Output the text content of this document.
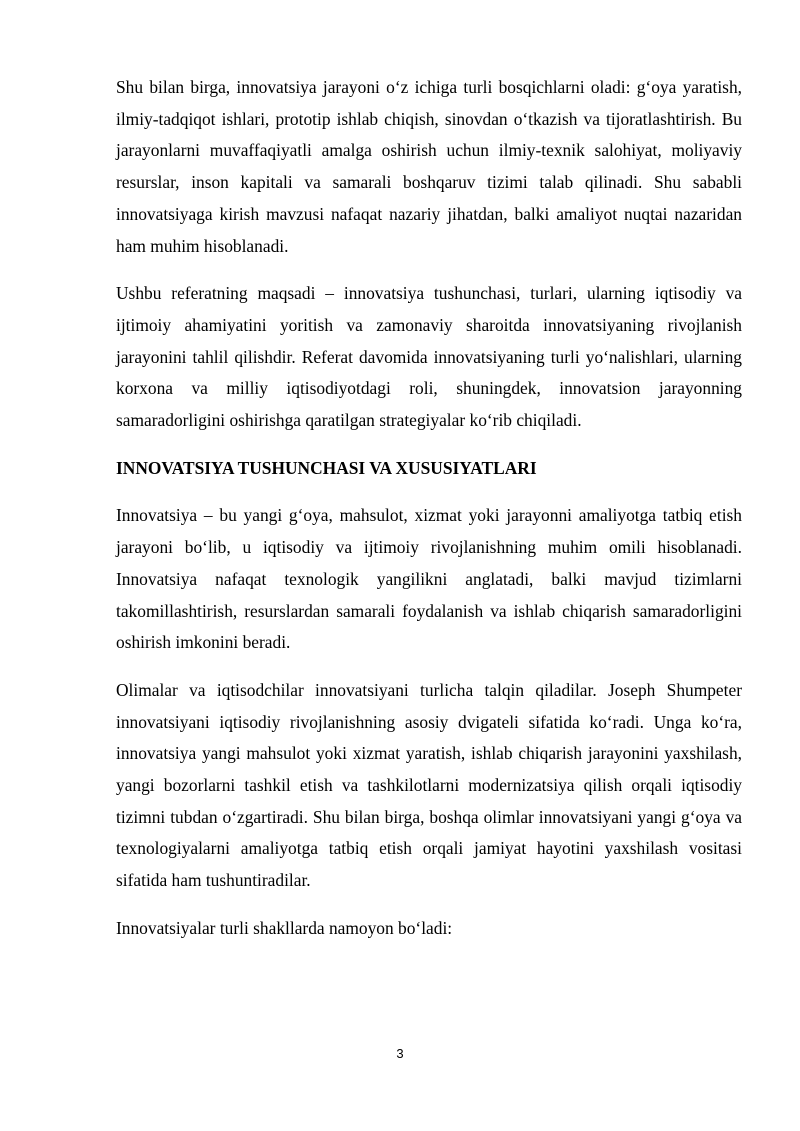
Shu bilan birga, innovatsiya jarayoni o‘z ichiga turli bosqichlarni oladi: g‘oya yaratish, ilmiy-tadqiqot ishlari, prototip ishlab chiqish, sinovdan o‘tkazish va tijoratlashtirish. Bu jarayonlarni muvaffaqiyatli amalga oshirish uchun ilmiy-texnik salohiyat, moliyaviy resurslar, inson kapitali va samarali boshqaruv tizimi talab qilinadi. Shu sababli innovatsiyaga kirish mavzusi nafaqat nazariy jihatdan, balki amaliyot nuqtai nazaridan ham muhim hisoblanadi.

Ushbu referatning maqsadi – innovatsiya tushunchasi, turlari, ularning iqtisodiy va ijtimoiy ahamiyatini yoritish va zamonaviy sharoitda innovatsiyaning rivojlanish jarayonini tahlil qilishdir. Referat davomida innovatsiyaning turli yo‘nalishlari, ularning korxona va milliy iqtisodiyotdagi roli, shuningdek, innovatsion jarayonning samaradorligini oshirishga qaratilgan strategiyalar ko‘rib chiqiladi.

INNOVATSIYA TUSHUNCHASI VA XUSUSIYATLARI

Innovatsiya – bu yangi g‘oya, mahsulot, xizmat yoki jarayonni amaliyotga tatbiq etish jarayoni bo‘lib, u iqtisodiy va ijtimoiy rivojlanishning muhim omili hisoblanadi. Innovatsiya nafaqat texnologik yangilikni anglatadi, balki mavjud tizimlarni takomillashtirish, resurslardan samarali foydalanish va ishlab chiqarish samaradorligini oshirish imkonini beradi.

Olimalar va iqtisodchilar innovatsiyani turlicha talqin qiladilar. Joseph Shumpeter innovatsiyani iqtisodiy rivojlanishning asosiy dvigateli sifatida ko‘radi. Unga ko‘ra, innovatsiya yangi mahsulot yoki xizmat yaratish, ishlab chiqarish jarayonini yaxshilash, yangi bozorlarni tashkil etish va tashkilotlarni modernizatsiya qilish orqali iqtisodiy tizimni tubdan o‘zgartiradi. Shu bilan birga, boshqa olimlar innovatsiyani yangi g‘oya va texnologiyalarni amaliyotga tatbiq etish orqali jamiyat hayotini yaxshilash vositasi sifatida ham tushuntiradilar.

Innovatsiyalar turli shakllarda namoyon bo‘ladi:

3
